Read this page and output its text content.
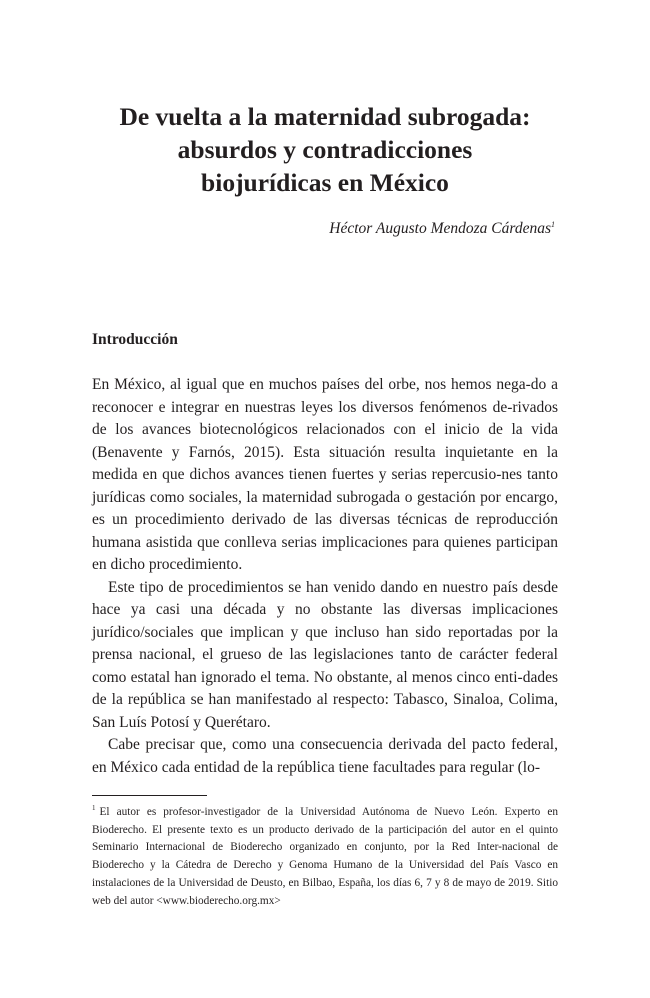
De vuelta a la maternidad subrogada:
absurdos y contradicciones
biojurídicas en México
Héctor Augusto Mendoza Cárdenas$^1$
Introducción

En México, al igual que en muchos países del orbe, nos hemos nega-do a reconocer e integrar en nuestras leyes los diversos fenómenos de-rivados de los avances biotecnológicos relacionados con el inicio de la vida (Benavente y Farnós, 2015). Esta situación resulta inquietante en la medida en que dichos avances tienen fuertes y serias repercusio-nes tanto jurídicas como sociales, la maternidad subrogada o gestación por encargo, es un procedimiento derivado de las diversas técnicas de reproducción humana asistida que conlleva serias implicaciones para quienes participan en dicho procedimiento.

Este tipo de procedimientos se han venido dando en nuestro país desde hace ya casi una década y no obstante las diversas implicaciones jurídico/sociales que implican y que incluso han sido reportadas por la prensa nacional, el grueso de las legislaciones tanto de carácter federal como estatal han ignorado el tema. No obstante, al menos cinco enti-dades de la república se han manifestado al respecto: Tabasco, Sinaloa, Colima, San Luís Potosí y Querétaro.

Cabe precisar que, como una consecuencia derivada del pacto federal, en México cada entidad de la república tiene facultades para regular (lo-

$^1$ El autor es profesor-investigador de la Universidad Autónoma de Nuevo León. Experto en Bioderecho. El presente texto es un producto derivado de la participación del autor en el quinto Seminario Internacional de Bioderecho organizado en conjunto, por la Red Inter-nacional de Bioderecho y la Cátedra de Derecho y Genoma Humano de la Universidad del País Vasco en instalaciones de la Universidad de Deusto, en Bilbao, España, los días 6, 7 y 8 de mayo de 2019. Sitio web del autor <www.bioderecho.org.mx>
